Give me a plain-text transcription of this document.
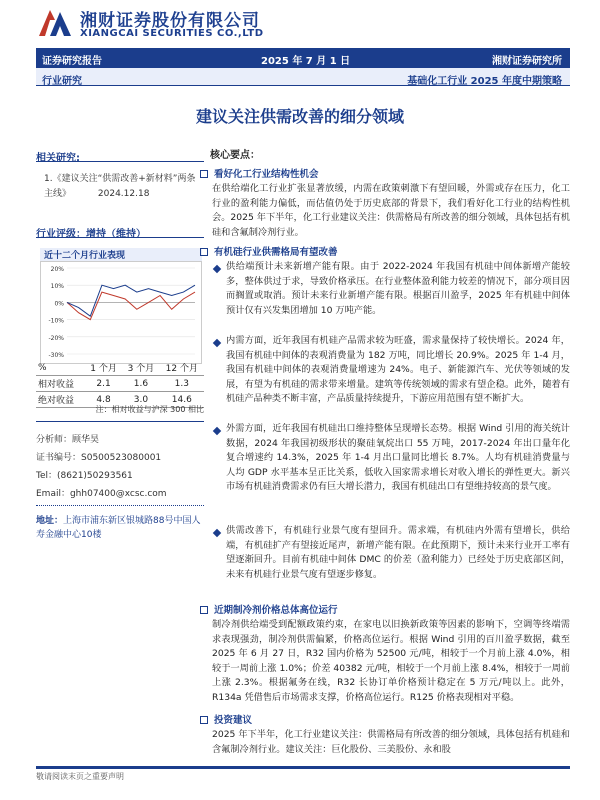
湘财证券股份有限公司
XIANGCAI SECURITIES CO.,LTD
证券研究报告	2025 年 7 月 1 日	湘财证券研究所
行业研究	基础化工行业 2025 年度中期策略
建议关注供需改善的细分领域
相关研究:
1.《建议关注“供需改善+新材料”两条主线》	2024.12.18
行业评级：增持（维持）
近十二个月行业表现
20%
10%
0%
-10%
-20%
-30%
%	1 个月	3 个月	12 个月
相对收益	2.1	1.6	1.3
绝对收益	4.8	3.0	14.6
注：相对收益与沪深 300 相比
分析师：顾华昊
证书编号：S0500523080001
Tel：(8621)50293561
Email：ghh07400@xcsc.com
地址：上海市浦东新区银城路88号中国人寿金融中心10楼
核心要点：
看好化工行业结构性机会
在供给端化工行业扩张显著放缓，内需在政策刺激下有望回暖，外需或存在压力，化工行业的盈利能力偏低，而估值仍处于历史底部的背景下，我们看好化工行业的结构性机会。2025 年下半年，化工行业建议关注：供需格局有所改善的细分领域，具体包括有机硅和含氟制冷剂行业。
有机硅行业供需格局有望改善
供给端预计未来新增产能有限。由于 2022-2024 年我国有机硅中间体新增产能较多，整体供过于求，导致价格承压。在行业整体盈利能力较差的情况下，部分项目因而搁置或取消。预计未来行业新增产能有限。根据百川盈孚，2025 年有机硅中间体预计仅有兴发集团增加 10 万吨产能。
内需方面，近年我国有机硅产品需求较为旺盛，需求量保持了较快增长。2024 年，我国有机硅中间体的表观消费量为 182 万吨，同比增长 20.9%。2025 年 1-4 月，我国有机硅中间体的表观消费量增速为 24%。电子、新能源汽车、光伏等领域的发展，有望为有机硅的需求带来增量。建筑等传统领域的需求有望企稳。此外，随着有机硅产品种类不断丰富，产品质量持续提升，下游应用范围有望不断扩大。
外需方面，近年我国有机硅出口维持整体呈现增长态势。根据 Wind 引用的海关统计数据，2024 年我国初级形状的聚硅氧烷出口 55 万吨，2017-2024 年出口量年化复合增速约 14.3%，2025 年 1-4 月出口量同比增长 8.7%。人均有机硅消费量与人均 GDP 水平基本呈正比关系，低收入国家需求增长对收入增长的弹性更大。新兴市场有机硅消费需求仍有巨大增长潜力，我国有机硅出口有望维持较高的景气度。
供需改善下，有机硅行业景气度有望回升。需求端，有机硅内外需有望增长，供给端，有机硅扩产有望接近尾声，新增产能有限。在此预期下，预计未来行业开工率有望逐渐回升。目前有机硅中间体 DMC 的价差（盈利能力）已经处于历史底部区间，未来有机硅行业景气度有望逐步修复。
近期制冷剂价格总体高位运行
制冷剂供给端受到配额政策约束，在家电以旧换新政策等因素的影响下，空调等终端需求表现强劲，制冷剂供需偏紧，价格高位运行。根据 Wind 引用的百川盈孚数据，截至 2025 年 6 月 27 日，R32 国内价格为 52500 元/吨，相较于一个月前上涨 4.0%，相较于一周前上涨 1.0%；价差 40382 元/吨，相较于一个月前上涨 8.4%，相较于一周前上涨 2.3%。根据氟务在线，R32 长协订单价格预计稳定在 5 万元/吨以上。此外，R134a 凭借售后市场需求支撑，价格高位运行。R125 价格表现相对平稳。
投资建议
2025 年下半年，化工行业建议关注：供需格局有所改善的细分领域，具体包括有机硅和含氟制冷剂行业。建议关注：巨化股份、三美股份、永和股
敬请阅读末页之重要声明
